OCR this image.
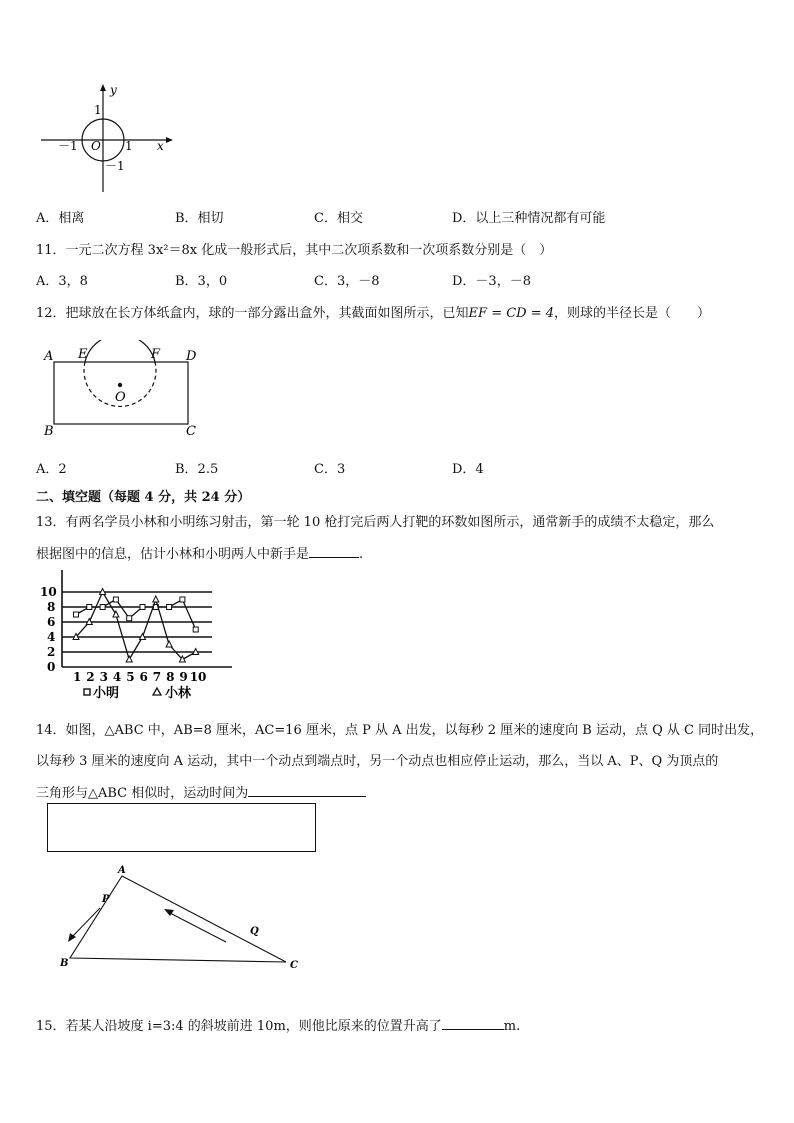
y
x
O
－1	1
1
－1
A．相离	B．相切	C．相交	D．以上三种情况都有可能
11．一元二次方程 3x²＝8x 化成一般形式后，其中二次项系数和一次项系数分别是（　）
A．3，8	B．3，0	C．3，－8	D．－3，－8
12．把球放在长方体纸盒内，球的一部分露出盒外，其截面如图所示，已知EF = CD = 4，则球的半径长是（　　）
A E	F D
O
B	C
A．2	B．2.5	C．3	D．4
二、填空题（每题 4 分，共 24 分）
13．有两名学员小林和小明练习射击，第一轮 10 枪打完后两人打靶的环数如图所示，通常新手的成绩不太稳定，那么
根据图中的信息，估计小林和小明两人中新手是	.
0
2
4
6
8
10
1 2 3 4 5 6 7 8 9 10
小明	小林
14．如图，△ABC 中，AB=8 厘米，AC=16 厘米，点 P 从 A 出发，以每秒 2 厘米的速度向 B 运动，点 Q 从 C 同时出发，
以每秒 3 厘米的速度向 A 运动，其中一个动点到端点时，另一个动点也相应停止运动，那么，当以 A、P、Q 为顶点的
三角形与△ABC 相似时，运动时间为
A
B	C
P
Q
15．若某人沿坡度 i=3:4 的斜坡前进 10m，则他比原来的位置升高了	m.
